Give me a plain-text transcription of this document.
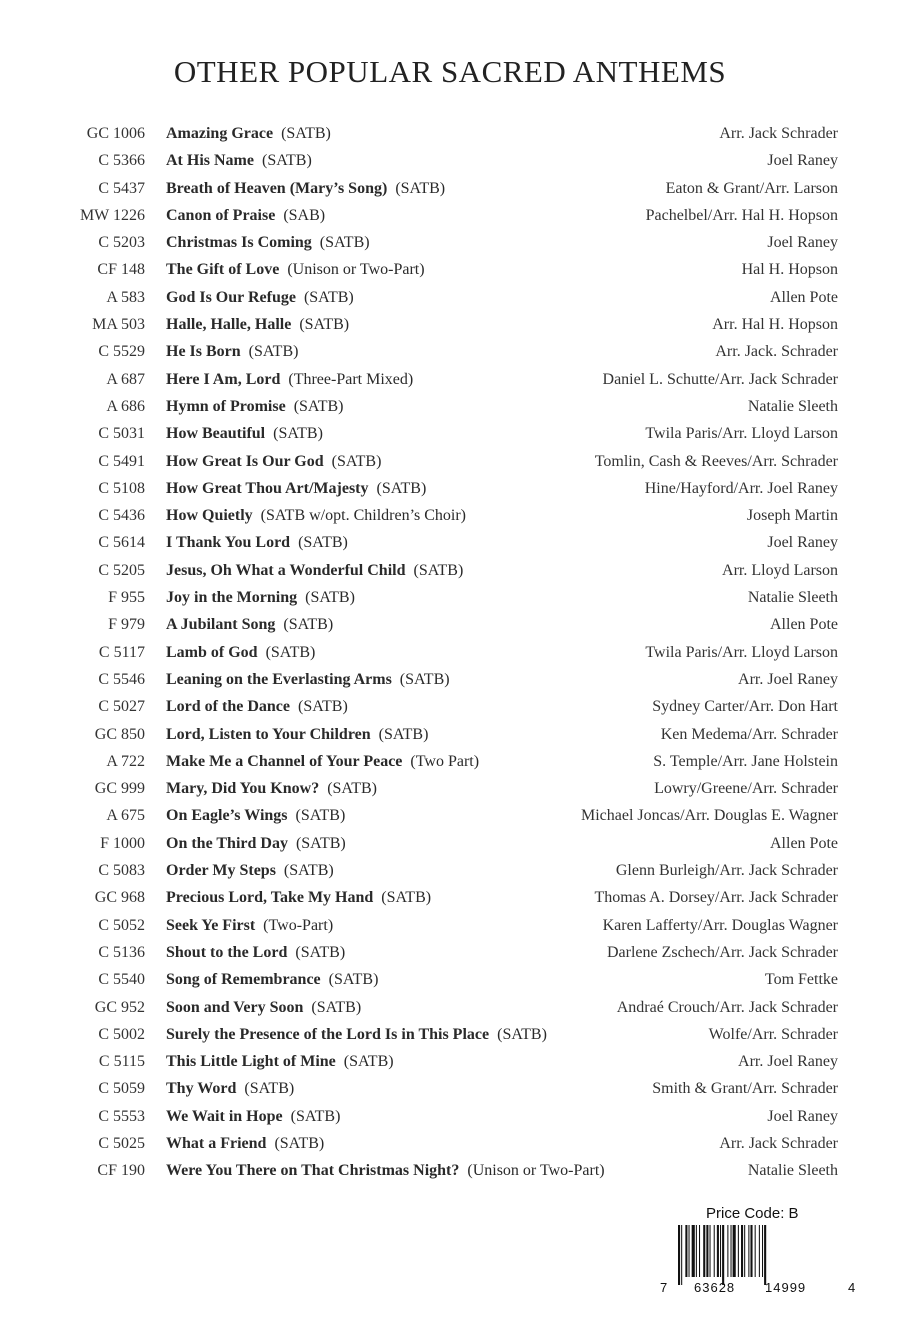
OTHER POPULAR SACRED ANTHEMS
GC 1006 Amazing Grace (SATB)	Arr. Jack Schrader
C 5366 At His Name (SATB)	Joel Raney
C 5437 Breath of Heaven (Mary’s Song) (SATB)	Eaton & Grant/Arr. Larson
MW 1226 Canon of Praise (SAB)	Pachelbel/Arr. Hal H. Hopson
C 5203 Christmas Is Coming (SATB)	Joel Raney
CF 148 The Gift of Love (Unison or Two-Part)	Hal H. Hopson
A 583 God Is Our Refuge (SATB)	Allen Pote
MA 503 Halle, Halle, Halle (SATB)	Arr. Hal H. Hopson
C 5529 He Is Born (SATB)	Arr. Jack. Schrader
A 687 Here I Am, Lord (Three-Part Mixed)	Daniel L. Schutte/Arr. Jack Schrader
A 686 Hymn of Promise (SATB)	Natalie Sleeth
C 5031 How Beautiful (SATB)	Twila Paris/Arr. Lloyd Larson
C 5491 How Great Is Our God (SATB)	Tomlin, Cash & Reeves/Arr. Schrader
C 5108 How Great Thou Art/Majesty (SATB)	Hine/Hayford/Arr. Joel Raney
C 5436 How Quietly (SATB w/opt. Children’s Choir)	Joseph Martin
C 5614 I Thank You Lord (SATB)	Joel Raney
C 5205 Jesus, Oh What a Wonderful Child (SATB)	Arr. Lloyd Larson
F 955 Joy in the Morning (SATB)	Natalie Sleeth
F 979 A Jubilant Song (SATB)	Allen Pote
C 5117 Lamb of God (SATB)	Twila Paris/Arr. Lloyd Larson
C 5546 Leaning on the Everlasting Arms (SATB)	Arr. Joel Raney
C 5027 Lord of the Dance (SATB)	Sydney Carter/Arr. Don Hart
GC 850 Lord, Listen to Your Children (SATB)	Ken Medema/Arr. Schrader
A 722 Make Me a Channel of Your Peace (Two Part)	S. Temple/Arr. Jane Holstein
GC 999 Mary, Did You Know? (SATB)	Lowry/Greene/Arr. Schrader
A 675 On Eagle’s Wings (SATB)	Michael Joncas/Arr. Douglas E. Wagner
F 1000 On the Third Day (SATB)	Allen Pote
C 5083 Order My Steps (SATB)	Glenn Burleigh/Arr. Jack Schrader
GC 968 Precious Lord, Take My Hand (SATB)	Thomas A. Dorsey/Arr. Jack Schrader
C 5052 Seek Ye First (Two-Part)	Karen Lafferty/Arr. Douglas Wagner
C 5136 Shout to the Lord (SATB)	Darlene Zschech/Arr. Jack Schrader
C 5540 Song of Remembrance (SATB)	Tom Fettke
GC 952 Soon and Very Soon (SATB)	Andraé Crouch/Arr. Jack Schrader
C 5002 Surely the Presence of the Lord Is in This Place (SATB)	Wolfe/Arr. Schrader
C 5115 This Little Light of Mine (SATB)	Arr. Joel Raney
C 5059 Thy Word (SATB)	Smith & Grant/Arr. Schrader
C 5553 We Wait in Hope (SATB)	Joel Raney
C 5025 What a Friend (SATB)	Arr. Jack Schrader
CF 190 Were You There on That Christmas Night? (Unison or Two-Part)	Natalie Sleeth
Price Code: B
7 63628 14999	4
